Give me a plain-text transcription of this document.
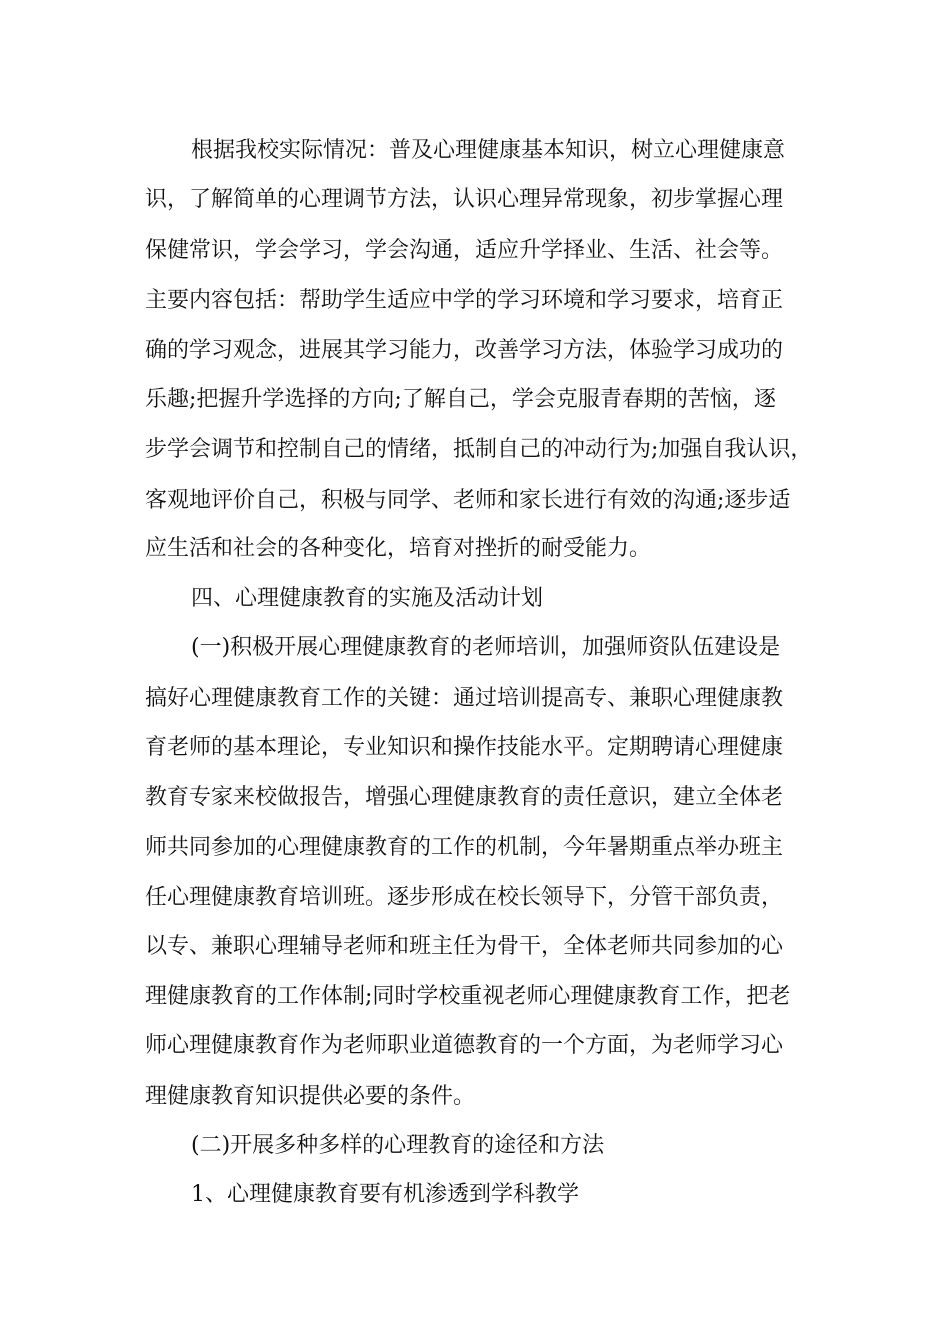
根据我校实际情况：普及心理健康基本知识，树立心理健康意
识，了解简单的心理调节方法，认识心理异常现象，初步掌握心理
保健常识，学会学习，学会沟通，适应升学择业、生活、社会等。
主要内容包括：帮助学生适应中学的学习环境和学习要求，培育正
确的学习观念，进展其学习能力，改善学习方法，体验学习成功的
乐趣;把握升学选择的方向;了解自己，学会克服青春期的苦恼，逐
步学会调节和控制自己的情绪，抵制自己的冲动行为;加强自我认识，
客观地评价自己，积极与同学、老师和家长进行有效的沟通;逐步适
应生活和社会的各种变化，培育对挫折的耐受能力。
四、心理健康教育的实施及活动计划
(一)积极开展心理健康教育的老师培训，加强师资队伍建设是
搞好心理健康教育工作的关键：通过培训提高专、兼职心理健康教
育老师的基本理论，专业知识和操作技能水平。定期聘请心理健康
教育专家来校做报告，增强心理健康教育的责任意识，建立全体老
师共同参加的心理健康教育的工作的机制，今年暑期重点举办班主
任心理健康教育培训班。逐步形成在校长领导下，分管干部负责，
以专、兼职心理辅导老师和班主任为骨干，全体老师共同参加的心
理健康教育的工作体制;同时学校重视老师心理健康教育工作，把老
师心理健康教育作为老师职业道德教育的一个方面，为老师学习心
理健康教育知识提供必要的条件。
(二)开展多种多样的心理教育的途径和方法
1、心理健康教育要有机渗透到学科教学
